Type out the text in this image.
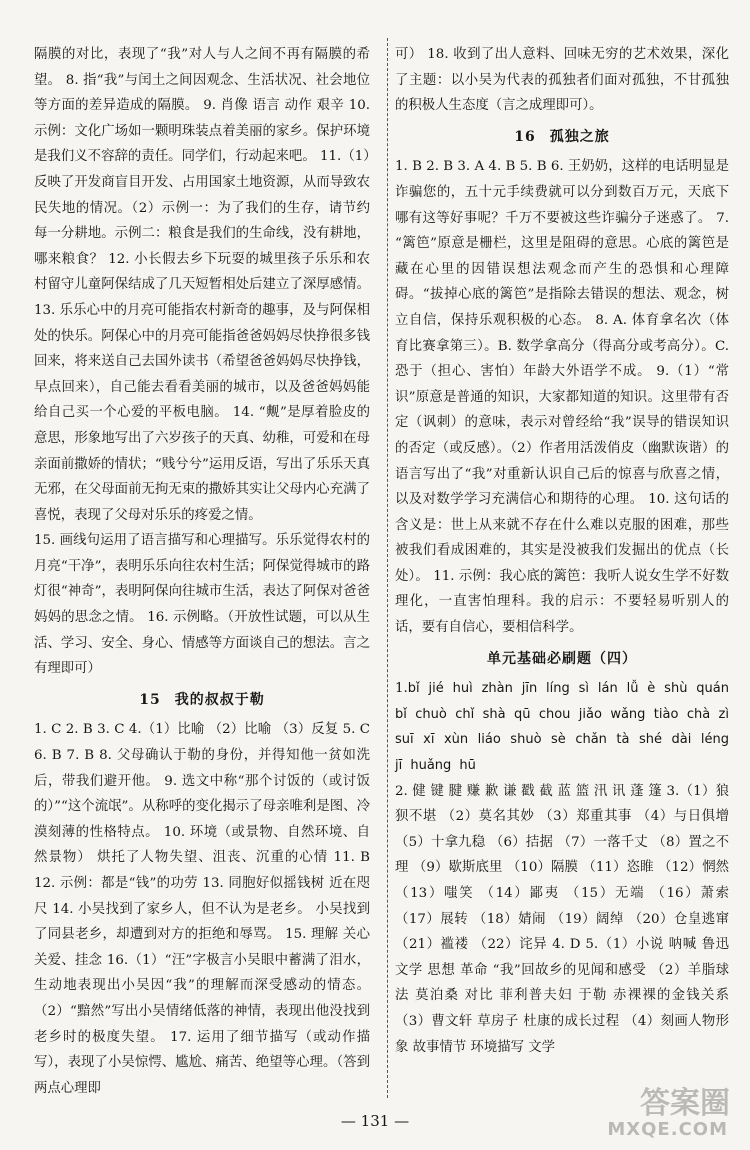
隔膜的对比，表现了“我”对人与人之间不再有隔膜的希望。 8. 指“我”与闰土之间因观念、生活状况、社会地位等方面的差异造成的隔膜。 9. 肖像 语言 动作 艰辛 10. 示例：文化广场如一颗明珠装点着美丽的家乡。保护环境是我们义不容辞的责任。同学们，行动起来吧。 11.（1）反映了开发商盲目开发、占用国家土地资源，从而导致农民失地的情况。（2）示例一：为了我们的生存，请节约每一分耕地。示例二：粮食是我们的生命线，没有耕地，哪来粮食？ 12. 小长假去乡下玩耍的城里孩子乐乐和农村留守儿童阿保结成了几天短暂相处后建立了深厚感情。 13. 乐乐心中的月亮可能指农村新奇的趣事，及与阿保相处的快乐。阿保心中的月亮可能指爸爸妈妈尽快挣很多钱回来，将来送自己去国外读书（希望爸爸妈妈尽快挣钱，早点回来），自己能去看看美丽的城市，以及爸爸妈妈能给自己买一个心爱的平板电脑。 14. “觍”是厚着脸皮的意思，形象地写出了六岁孩子的天真、幼稚，可爱和在母亲面前撒娇的情状；“贱兮兮”运用反语，写出了乐乐天真无邪，在父母面前无拘无束的撒娇其实让父母内心充满了喜悦，表现了父母对乐乐的疼爱之情。

15. 画线句运用了语言描写和心理描写。乐乐觉得农村的月亮“干净”，表明乐乐向往农村生活；阿保觉得城市的路灯很“神奇”，表明阿保向往城市生活，表达了阿保对爸爸妈妈的思念之情。 16. 示例略。（开放性试题，可以从生活、学习、安全、身心、情感等方面谈自己的想法。言之有理即可）

15 我的叔叔于勒

1. C 2. B 3. C 4.（1）比喻 （2）比喻 （3）反复 5. C 6. B 7. B 8. 父母确认于勒的身份，并得知他一贫如洗后，带我们避开他。 9. 选文中称“那个讨饭的（或讨饭的）”“这个流氓”。从称呼的变化揭示了母亲唯利是图、冷漠刻薄的性格特点。 10. 环境（或景物、自然环境、自然景物） 烘托了人物失望、沮丧、沉重的心情 11. B 12. 示例：都是“钱”的功劳 13. 同胞好似摇钱树 近在咫尺 14. 小吴找到了家乡人，但不认为是老乡。 小吴找到了同县老乡，却遭到对方的拒绝和辱骂。 15. 理解 关心关爱、挂念 16.（1）“汪”字极言小吴眼中蓄满了泪水，生动地表现出小吴因“我”的理解而深受感动的情态。（2）“黯然”写出小吴情绪低落的神情，表现出他没找到老乡时的极度失望。 17. 运用了细节描写（或动作描写），表现了小吴惊愕、尴尬、痛苦、绝望等心理。（答到两点心理即

可） 18. 收到了出人意料、回味无穷的艺术效果，深化了主题：以小吴为代表的孤独者们面对孤独，不甘孤独的积极人生态度（言之成理即可）。

16 孤独之旅

1. B 2. B 3. A 4. B 5. B 6. 王奶奶，这样的电话明显是诈骗您的，五十元手续费就可以分到数百万元，天底下哪有这等好事呢？千万不要被这些诈骗分子迷惑了。 7. “篱笆”原意是栅栏，这里是阻碍的意思。心底的篱笆是藏在心里的因错误想法观念而产生的恐惧和心理障碍。“拔掉心底的篱笆”是指除去错误的想法、观念，树立自信，保持乐观积极的心态。 8. A. 体育拿名次（体育比赛拿第三）。B. 数学拿高分（得高分或考高分）。C. 恐于（担心、害怕）年龄大外语学不成。 9.（1）“常识”原意是普通的知识，大家都知道的知识。这里带有否定（讽刺）的意味，表示对曾经给“我”误导的错误知识的否定（或反感）。（2）作者用活泼俏皮（幽默诙谐）的语言写出了“我”对重新认识自己后的惊喜与欣喜之情，以及对数学学习充满信心和期待的心理。 10. 这句话的含义是：世上从来就不存在什么难以克服的困难，那些被我们看成困难的，其实是没被我们发掘出的优点（长处）。 11. 示例：我心底的篱笆：我听人说女生学不好数理化，一直害怕理科。我的启示：不要轻易听别人的话，要有自信心，要相信科学。

单元基础必刷题（四）

1.bǐ jié huì zhàn jīn líng sì lán lǚ è shù quán bǐ chuò chǐ shà qū chou jiǎo wǎng tiào chà zì suī xī xùn liáo shuò sè chǎn tà shé dài léng jī huǎng hū

2. 健 键 腱 赚 歉 谦 戳 截 蓝 篮 汛 讯 蓬 篷 3.（1）狼狈不堪 （2）莫名其妙 （3）郑重其事 （4）与日俱增 （5）十拿九稳 （6）拮据 （7）一落千丈 （8）置之不理 （9）歇斯底里 （10）隔膜 （11）恣睢 （12）惘然 （13）嗤笑 （14）鄙夷 （15）无端 （16）萧索 （17）展转 （18）婧闹 （19）阔绰 （20）仓皇逃窜 （21）褴褛 （22）诧异 4. D 5.（1）小说 呐喊 鲁迅 文学 思想 革命 “我”回故乡的见闻和感受 （2）羊脂球 法 莫泊桑 对比 菲利普夫妇 于勒 赤裸裸的金钱关系 （3）曹文轩 草房子 杜康的成长过程 （4）刻画人物形象 故事情节 环境描写 文学

— 131 —	答案圈
MXQE.COM
